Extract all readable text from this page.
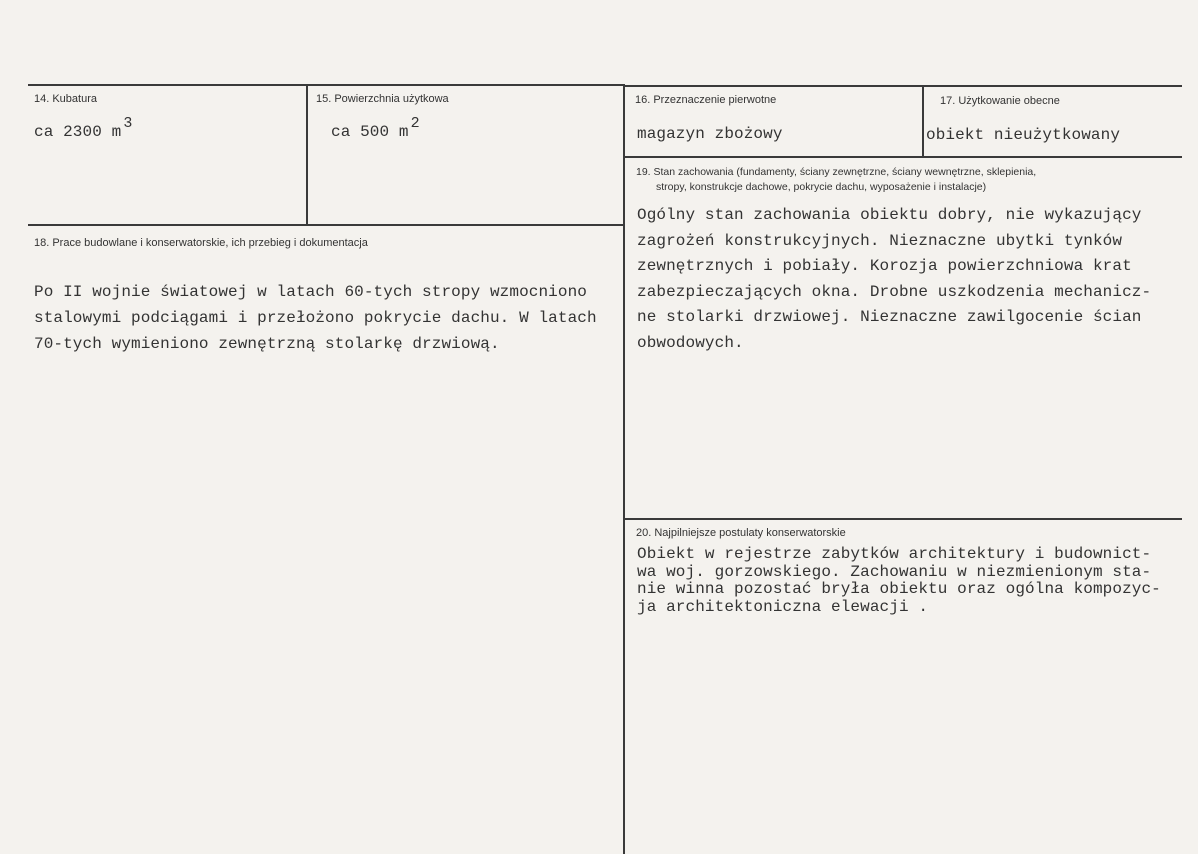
14. Kubatura
ca 2300 m 3
15. Powierzchnia użytkowa
ca 500 m 2
16. Przeznaczenie pierwotne
magazyn zbożowy
17. Użytkowanie obecne
obiekt nieużytkowany
18. Prace budowlane i konserwatorskie, ich przebieg i dokumentacja
Po II wojnie światowej w latach 60-tych stropy wzmocniono
stalowymi podciągami i przełożono pokrycie dachu. W latach
70-tych wymieniono zewnętrzną stolarkę drzwiową.
19. Stan zachowania (fundamenty, ściany zewnętrzne, ściany wewnętrzne, sklepienia,
stropy, konstrukcje dachowe, pokrycie dachu, wyposażenie i instalacje)
Ogólny stan zachowania obiektu dobry, nie wykazujący
zagrożeń konstrukcyjnych. Nieznaczne ubytki tynków
zewnętrznych i pobiały. Korozja powierzchniowa krat
zabezpieczających okna. Drobne uszkodzenia mechanicz-
ne stolarki drzwiowej. Nieznaczne zawilgocenie ścian
obwodowych.
20. Najpilniejsze postulaty konserwatorskie
Obiekt w rejestrze zabytków architektury i budownict-
wa woj. gorzowskiego. Zachowaniu w niezmienionym sta-
nie winna pozostać bryła obiektu oraz ogólna kompozyc-
ja architektoniczna elewacji .
